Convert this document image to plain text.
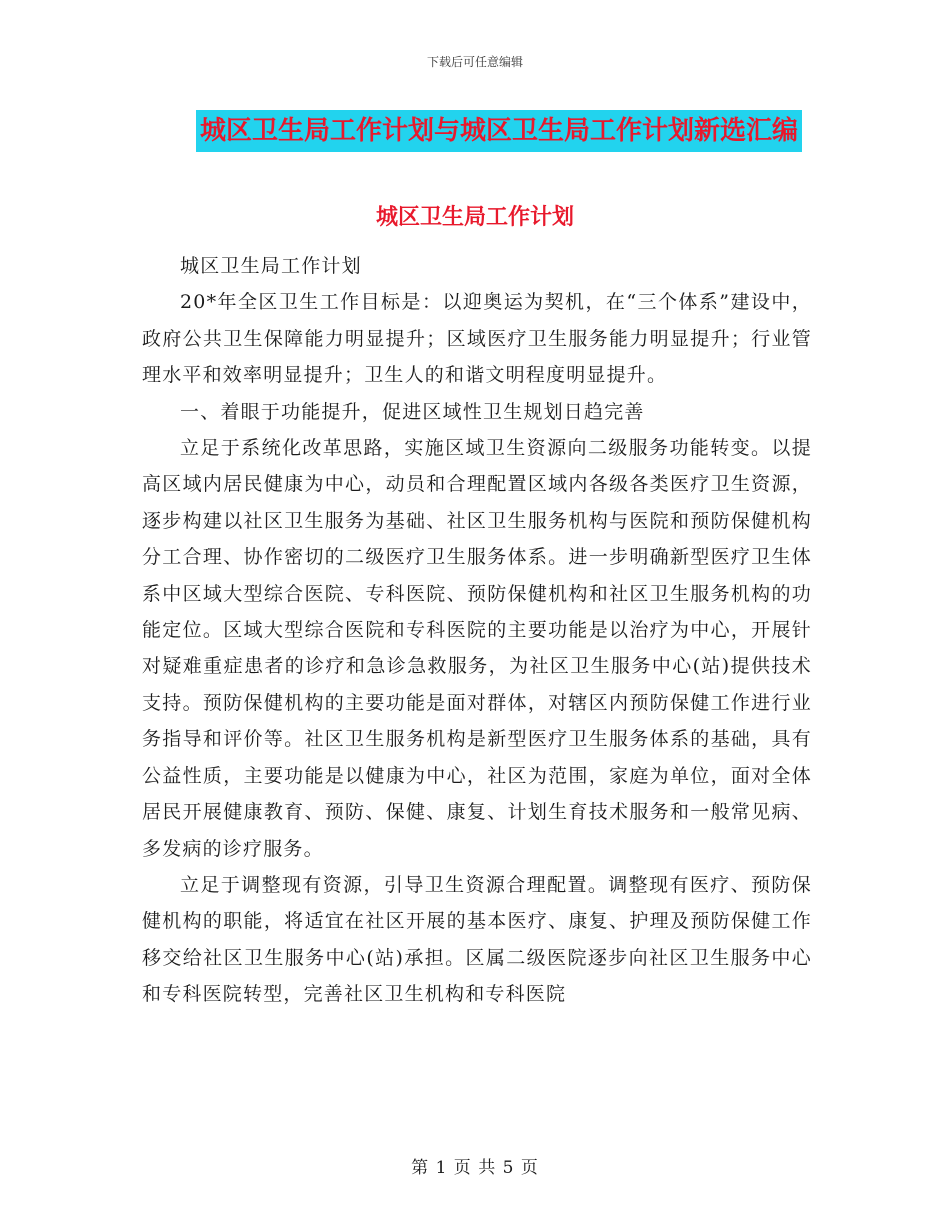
下载后可任意编辑
城区卫生局工作计划与城区卫生局工作计划新选汇编
城区卫生局工作计划

城区卫生局工作计划

20*年全区卫生工作目标是：以迎奥运为契机，在“三个体系”建设中，政府公共卫生保障能力明显提升；区域医疗卫生服务能力明显提升；行业管理水平和效率明显提升；卫生人的和谐文明程度明显提升。

一、着眼于功能提升，促进区域性卫生规划日趋完善

立足于系统化改革思路，实施区域卫生资源向二级服务功能转变。以提高区域内居民健康为中心，动员和合理配置区域内各级各类医疗卫生资源，逐步构建以社区卫生服务为基础、社区卫生服务机构与医院和预防保健机构分工合理、协作密切的二级医疗卫生服务体系。进一步明确新型医疗卫生体系中区域大型综合医院、专科医院、预防保健机构和社区卫生服务机构的功能定位。区域大型综合医院和专科医院的主要功能是以治疗为中心，开展针对疑难重症患者的诊疗和急诊急救服务，为社区卫生服务中心(站)提供技术支持。预防保健机构的主要功能是面对群体，对辖区内预防保健工作进行业务指导和评价等。社区卫生服务机构是新型医疗卫生服务体系的基础，具有公益性质，主要功能是以健康为中心，社区为范围，家庭为单位，面对全体居民开展健康教育、预防、保健、康复、计划生育技术服务和一般常见病、多发病的诊疗服务。

立足于调整现有资源，引导卫生资源合理配置。调整现有医疗、预防保健机构的职能，将适宜在社区开展的基本医疗、康复、护理及预防保健工作移交给社区卫生服务中心(站)承担。区属二级医院逐步向社区卫生服务中心和专科医院转型，完善社区卫生机构和专科医院

第 1 页 共 5 页
